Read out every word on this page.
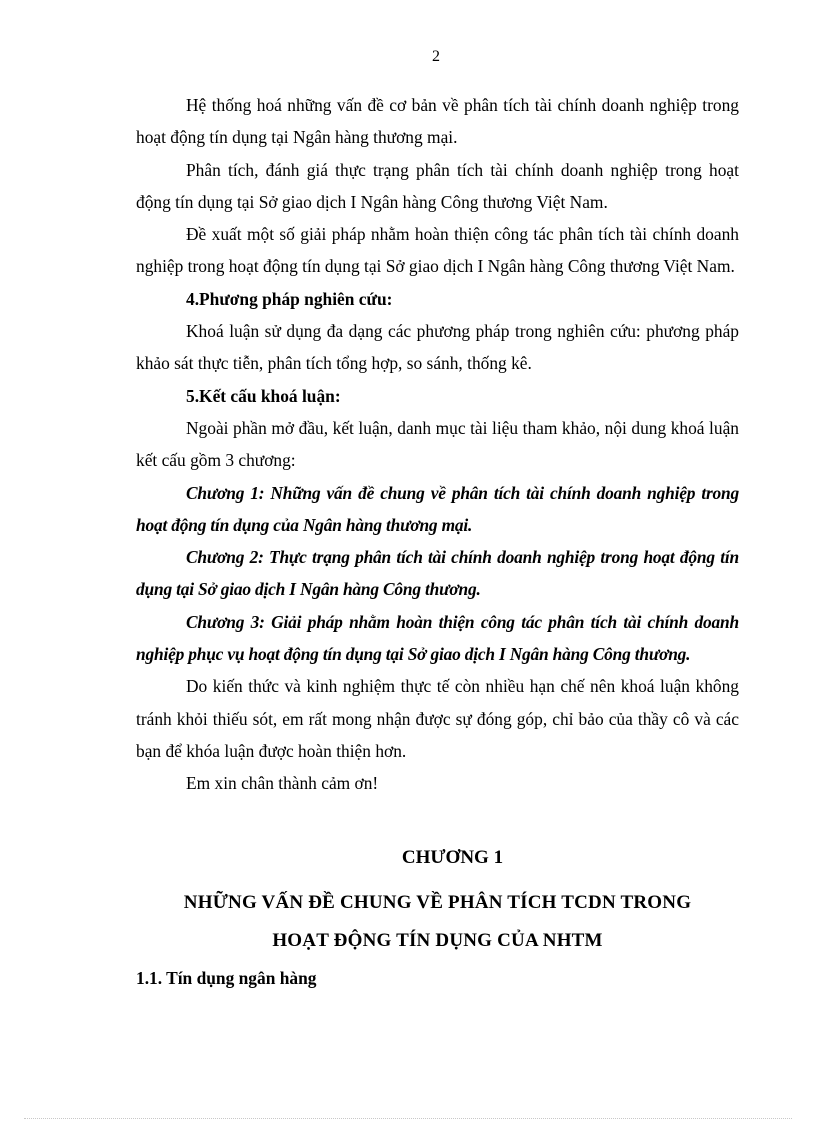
2

Hệ thống hoá những vấn đề cơ bản về phân tích tài chính doanh nghiệp trong hoạt động tín dụng tại Ngân hàng thương mại.

Phân tích, đánh giá thực trạng phân tích tài chính doanh nghiệp trong hoạt động tín dụng tại Sở giao dịch I Ngân hàng Công thương Việt Nam.

Đề xuất một số giải pháp nhằm hoàn thiện công tác phân tích tài chính doanh nghiệp trong hoạt động tín dụng tại Sở giao dịch I Ngân hàng Công thương Việt Nam.

4.Phương pháp nghiên cứu:

Khoá luận sử dụng đa dạng các phương pháp trong nghiên cứu: phương pháp khảo sát thực tiễn, phân tích tổng hợp, so sánh, thống kê.

5.Kết cấu khoá luận:

Ngoài phần mở đầu, kết luận, danh mục tài liệu tham khảo, nội dung khoá luận kết cấu gồm 3 chương:

Chương 1: Những vấn đề chung về phân tích tài chính doanh nghiệp trong hoạt động tín dụng của Ngân hàng thương mại.

Chương 2: Thực trạng phân tích tài chính doanh nghiệp trong hoạt động tín dụng tại Sở giao dịch I Ngân hàng Công thương.

Chương 3: Giải pháp nhằm hoàn thiện công tác phân tích tài chính doanh nghiệp phục vụ hoạt động tín dụng tại Sở giao dịch I Ngân hàng Công thương.

Do kiến thức và kinh nghiệm thực tế còn nhiều hạn chế nên khoá luận không tránh khỏi thiếu sót, em rất mong nhận được sự đóng góp, chỉ bảo của thầy cô và các bạn để khóa luận được hoàn thiện hơn.

Em xin chân thành cảm ơn!

CHƯƠNG 1
NHỮNG VẤN ĐỀ CHUNG VỀ PHÂN TÍCH TCDN TRONG
HOẠT ĐỘNG TÍN DỤNG CỦA NHTM
1.1. Tín dụng ngân hàng
